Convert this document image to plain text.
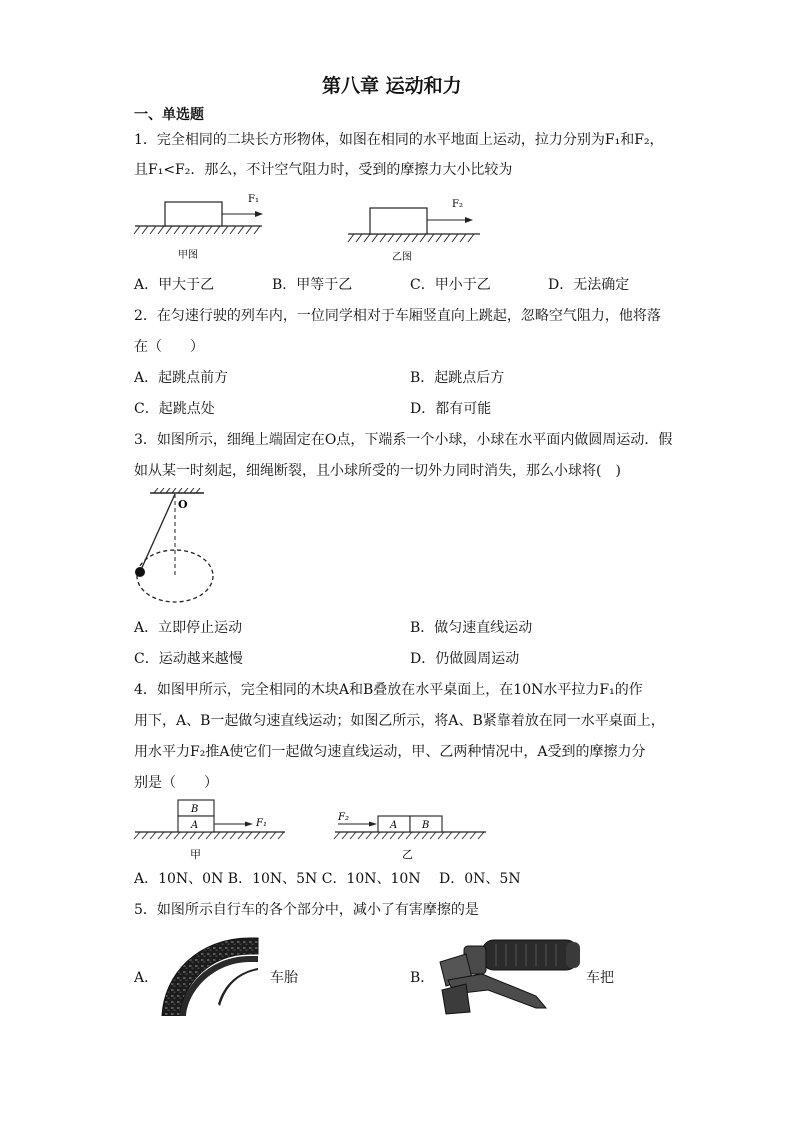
第八章 运动和力
一、单选题
1．完全相同的二块长方形物体，如图在相同的水平地面上运动，拉力分别为F₁和F₂，
且F₁<F₂．那么，不计空气阻力时，受到的摩擦力大小比较为
F₁
甲图
F₂
乙图
A．甲大于乙	B．甲等于乙	C．甲小于乙	D．无法确定
2．在匀速行驶的列车内，一位同学相对于车厢竖直向上跳起，忽略空气阻力，他将落
在（　　）
A．起跳点前方	B．起跳点后方
C．起跳点处	D．都有可能
3．如图所示，细绳上端固定在O点，下端系一个小球，小球在水平面内做圆周运动．假
如从某一时刻起，细绳断裂，且小球所受的一切外力同时消失，那么小球将(　)
O
A．立即停止运动	B．做匀速直线运动
C．运动越来越慢	D．仍做圆周运动
4．如图甲所示，完全相同的木块A和B叠放在水平桌面上，在10N水平拉力F₁的作
用下，A、B一起做匀速直线运动；如图乙所示，将A、B紧靠着放在同一水平桌面上，
用水平力F₂推A使它们一起做匀速直线运动，甲、乙两种情况中，A受到的摩擦力分
别是（　　）
B
A	F₁
甲
A B
F₂
乙
A．10N、0N B．10N、5N C．10N、10N　 D．0N、5N
5．如图所示自行车的各个部分中，减小了有害摩擦的是
A．	车胎	B．	车把
